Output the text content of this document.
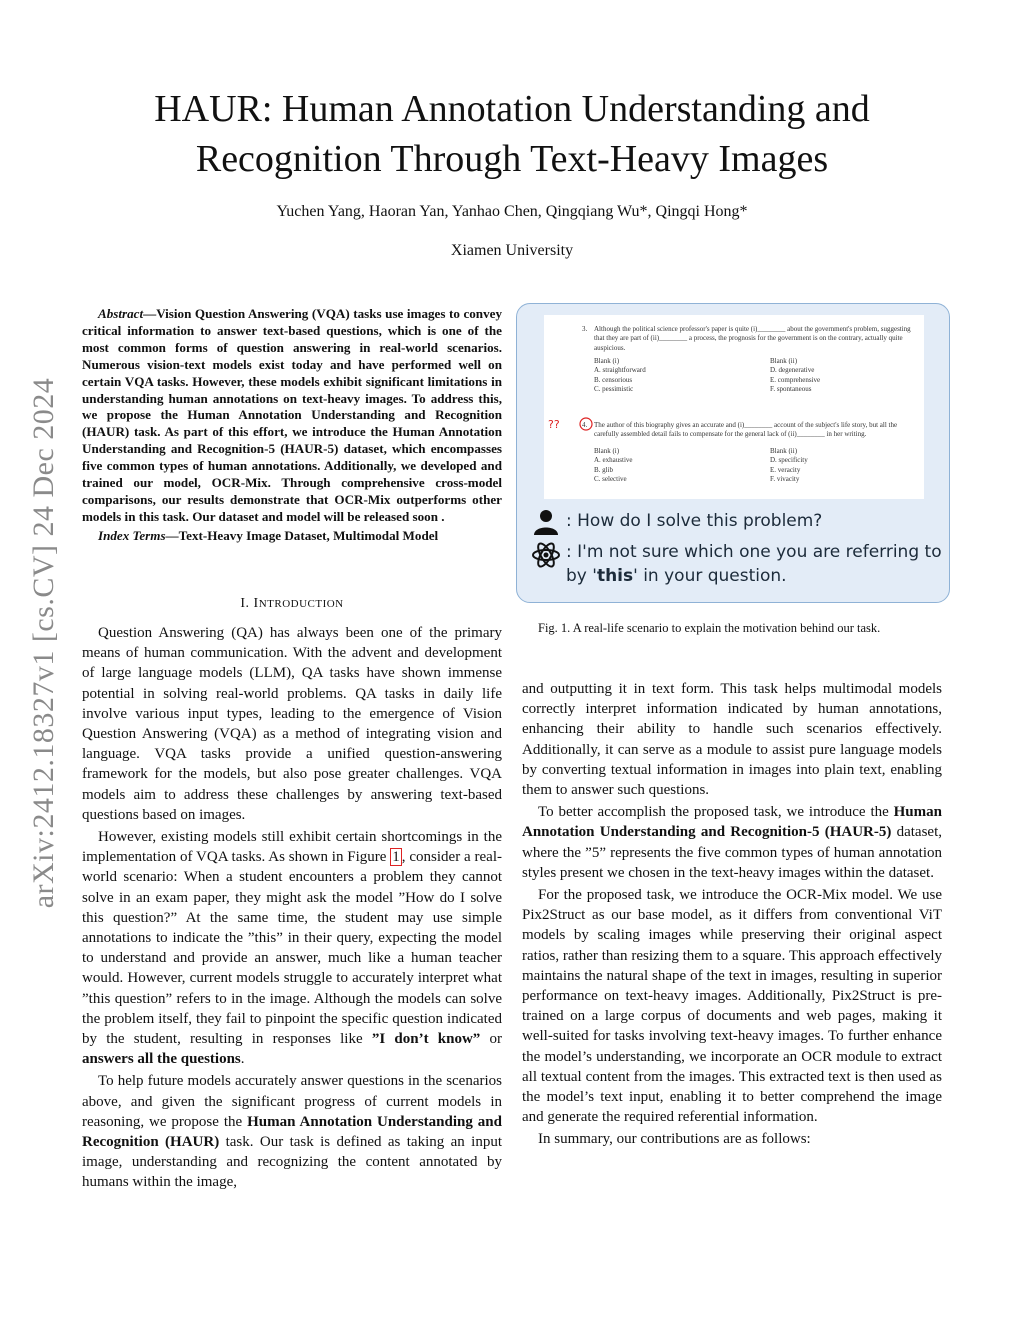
arXiv:2412.18327v1 [cs.CV] 24 Dec 2024
HAUR: Human Annotation Understanding and
Recognition Through Text-Heavy Images
Yuchen Yang, Haoran Yan, Yanhao Chen, Qingqiang Wu*, Qingqi Hong*
Xiamen University

Abstract—Vision Question Answering (VQA) tasks use images to convey critical information to answer text-based questions, which is one of the most common forms of question answering in real-world scenarios. Numerous vision-text models exist today and have performed well on certain VQA tasks. However, these models exhibit significant limitations in understanding human annotations on text-heavy images. To address this, we propose the Human Annotation Understanding and Recognition (HAUR) task. As part of this effort, we introduce the Human Annotation Understanding and Recognition-5 (HAUR-5) dataset, which encompasses five common types of human annotations. Additionally, we developed and trained our model, OCR-Mix. Through comprehensive cross-model comparisons, our results demonstrate that OCR-Mix outperforms other models in this task. Our dataset and model will be released soon .

Index Terms—Text-Heavy Image Dataset, Multimodal Model

I. INTRODUCTION

Question Answering (QA) has always been one of the primary means of human communication. With the advent and development of large language models (LLM), QA tasks have shown immense potential in solving real-world problems. QA tasks in daily life involve various input types, leading to the emergence of Vision Question Answering (VQA) as a method of integrating vision and language. VQA tasks provide a unified question-answering framework for the models, but also pose greater challenges. VQA models aim to address these challenges by answering text-based questions based on images.

However, existing models still exhibit certain shortcomings in the implementation of VQA tasks. As shown in Figure 1 , consider a real-world scenario: When a student encounters a problem they cannot solve in an exam paper, they might ask the model ”How do I solve this question?” At the same time, the student may use simple annotations to indicate the ”this” in their query, expecting the model to understand and provide an answer, much like a human teacher would. However, current models struggle to accurately interpret what ”this question” refers to in the image. Although the models can solve the problem itself, they fail to pinpoint the specific question indicated by the student, resulting in responses like ”I don’t know” or answers all the questions.

To help future models accurately answer questions in the scenarios above, and given the significant progress of current models in reasoning, we propose the Human Annotation Understanding and Recognition (HAUR) task. Our task is defined as taking an input image, understanding and recognizing the content annotated by humans within the image,

3. Although the political science professor's paper is quite (i)________ about the government's problem, suggesting that they are part of (ii)________ a process, the prognosis for the government is on the contrary, actually quite auspicious.
Blank (i)
A. straightforward
B. censorious
C. pessimistic
Blank (ii)
D. degenerative
E. comprehensive
F. spontaneous
??	4. The author of this biography gives an accurate and (i)________ account of the subject's life story, but all the carefully assembled detail fails to compensate for the general lack of (ii)________ in her writing.
Blank (i)
A. exhaustive
B. glib
C. selective
Blank (ii)
D. specificity
E. veracity
F. vivacity
: How do I solve this problem?
: I'm not sure which one you are referring to
by 'this' in your question.
Fig. 1. A real-life scenario to explain the motivation behind our task.

and outputting it in text form. This task helps multimodal models correctly interpret information indicated by human annotations, enhancing their ability to handle such scenarios effectively. Additionally, it can serve as a module to assist pure language models by converting textual information in images into plain text, enabling them to answer such questions.

To better accomplish the proposed task, we introduce the Human Annotation Understanding and Recognition-5 (HAUR-5) dataset, where the ”5” represents the five common types of human annotation styles present we chosen in the text-heavy images within the dataset.

For the proposed task, we introduce the OCR-Mix model. We use Pix2Struct as our base model, as it differs from conventional ViT models by scaling images while preserving their original aspect ratios, rather than resizing them to a square. This approach effectively maintains the natural shape of the text in images, resulting in superior performance on text-heavy images. Additionally, Pix2Struct is pre-trained on a large corpus of documents and web pages, making it well-suited for tasks involving text-heavy images. To further enhance the model’s understanding, we incorporate an OCR module to extract all textual content from the images. This extracted text is then used as the model’s text input, enabling it to better comprehend the image and generate the required referential information.

In summary, our contributions are as follows:
